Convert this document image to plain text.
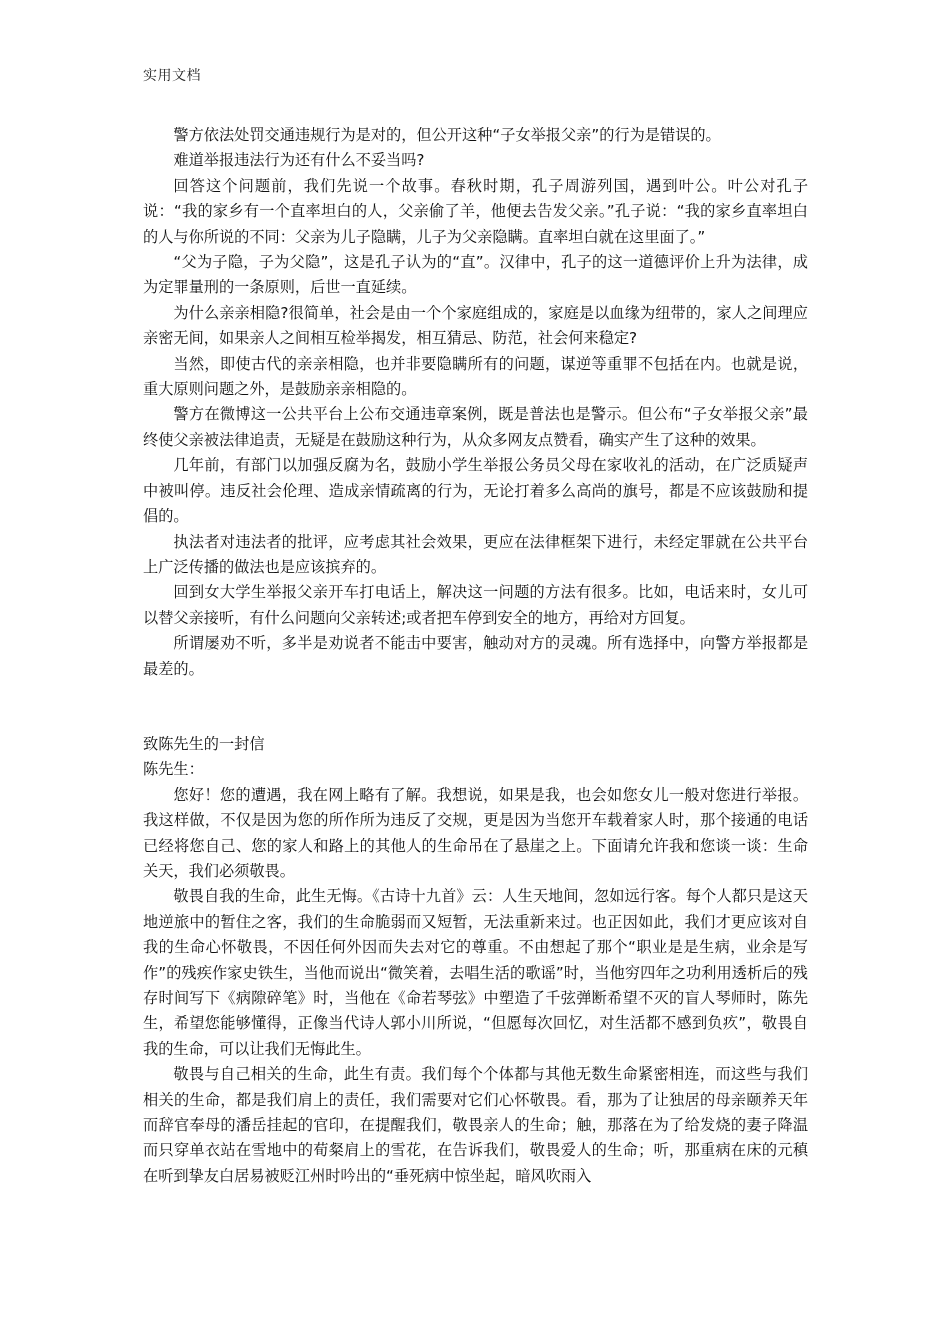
实用文档

警方依法处罚交通违规行为是对的，但公开这种“子女举报父亲”的行为是错误的。

难道举报违法行为还有什么不妥当吗?

回答这个问题前，我们先说一个故事。春秋时期，孔子周游列国，遇到叶公。叶公对孔子说：“我的家乡有一个直率坦白的人，父亲偷了羊，他便去告发父亲。”孔子说：“我的家乡直率坦白的人与你所说的不同：父亲为儿子隐瞒，儿子为父亲隐瞒。直率坦白就在这里面了。”

“父为子隐，子为父隐”，这是孔子认为的“直”。汉律中，孔子的这一道德评价上升为法律，成为定罪量刑的一条原则，后世一直延续。

为什么亲亲相隐?很简单，社会是由一个个家庭组成的，家庭是以血缘为纽带的，家人之间理应亲密无间，如果亲人之间相互检举揭发，相互猜忌、防范，社会何来稳定?

当然，即使古代的亲亲相隐，也并非要隐瞒所有的问题，谋逆等重罪不包括在内。也就是说，重大原则问题之外，是鼓励亲亲相隐的。

警方在微博这一公共平台上公布交通违章案例，既是普法也是警示。但公布“子女举报父亲”最终使父亲被法律追责，无疑是在鼓励这种行为，从众多网友点赞看，确实产生了这种的效果。

几年前，有部门以加强反腐为名，鼓励小学生举报公务员父母在家收礼的活动，在广泛质疑声中被叫停。违反社会伦理、造成亲情疏离的行为，无论打着多么高尚的旗号，都是不应该鼓励和提倡的。

执法者对违法者的批评，应考虑其社会效果，更应在法律框架下进行，未经定罪就在公共平台上广泛传播的做法也是应该摈弃的。

回到女大学生举报父亲开车打电话上，解决这一问题的方法有很多。比如，电话来时，女儿可以替父亲接听，有什么问题向父亲转述;或者把车停到安全的地方，再给对方回复。

所谓屡劝不听，多半是劝说者不能击中要害，触动对方的灵魂。所有选择中，向警方举报都是最差的。

致陈先生的一封信

陈先生：

您好！您的遭遇，我在网上略有了解。我想说，如果是我，也会如您女儿一般对您进行举报。我这样做，不仅是因为您的所作所为违反了交规，更是因为当您开车载着家人时，那个接通的电话已经将您自己、您的家人和路上的其他人的生命吊在了悬崖之上。下面请允许我和您谈一谈：生命关天，我们必须敬畏。

敬畏自我的生命，此生无悔。《古诗十九首》云：人生天地间，忽如远行客。每个人都只是这天地逆旅中的暂住之客，我们的生命脆弱而又短暂，无法重新来过。也正因如此，我们才更应该对自我的生命心怀敬畏，不因任何外因而失去对它的尊重。不由想起了那个“职业是是生病，业余是写作”的残疾作家史铁生，当他而说出“微笑着，去唱生活的歌谣”时，当他穷四年之功利用透析后的残存时间写下《病隙碎笔》时，当他在《命若琴弦》中塑造了千弦弹断希望不灭的盲人琴师时，陈先生，希望您能够懂得，正像当代诗人郭小川所说，“但愿每次回忆，对生活都不感到负疚”，敬畏自我的生命，可以让我们无悔此生。

敬畏与自己相关的生命，此生有责。我们每个个体都与其他无数生命紧密相连，而这些与我们相关的生命，都是我们肩上的责任，我们需要对它们心怀敬畏。看，那为了让独居的母亲颐养天年而辞官奉母的潘岳挂起的官印，在提醒我们，敬畏亲人的生命；触，那落在为了给发烧的妻子降温而只穿单衣站在雪地中的荀粲肩上的雪花，在告诉我们，敬畏爱人的生命；听，那重病在床的元稹在听到挚友白居易被贬江州时吟出的“垂死病中惊坐起，暗风吹雨入
